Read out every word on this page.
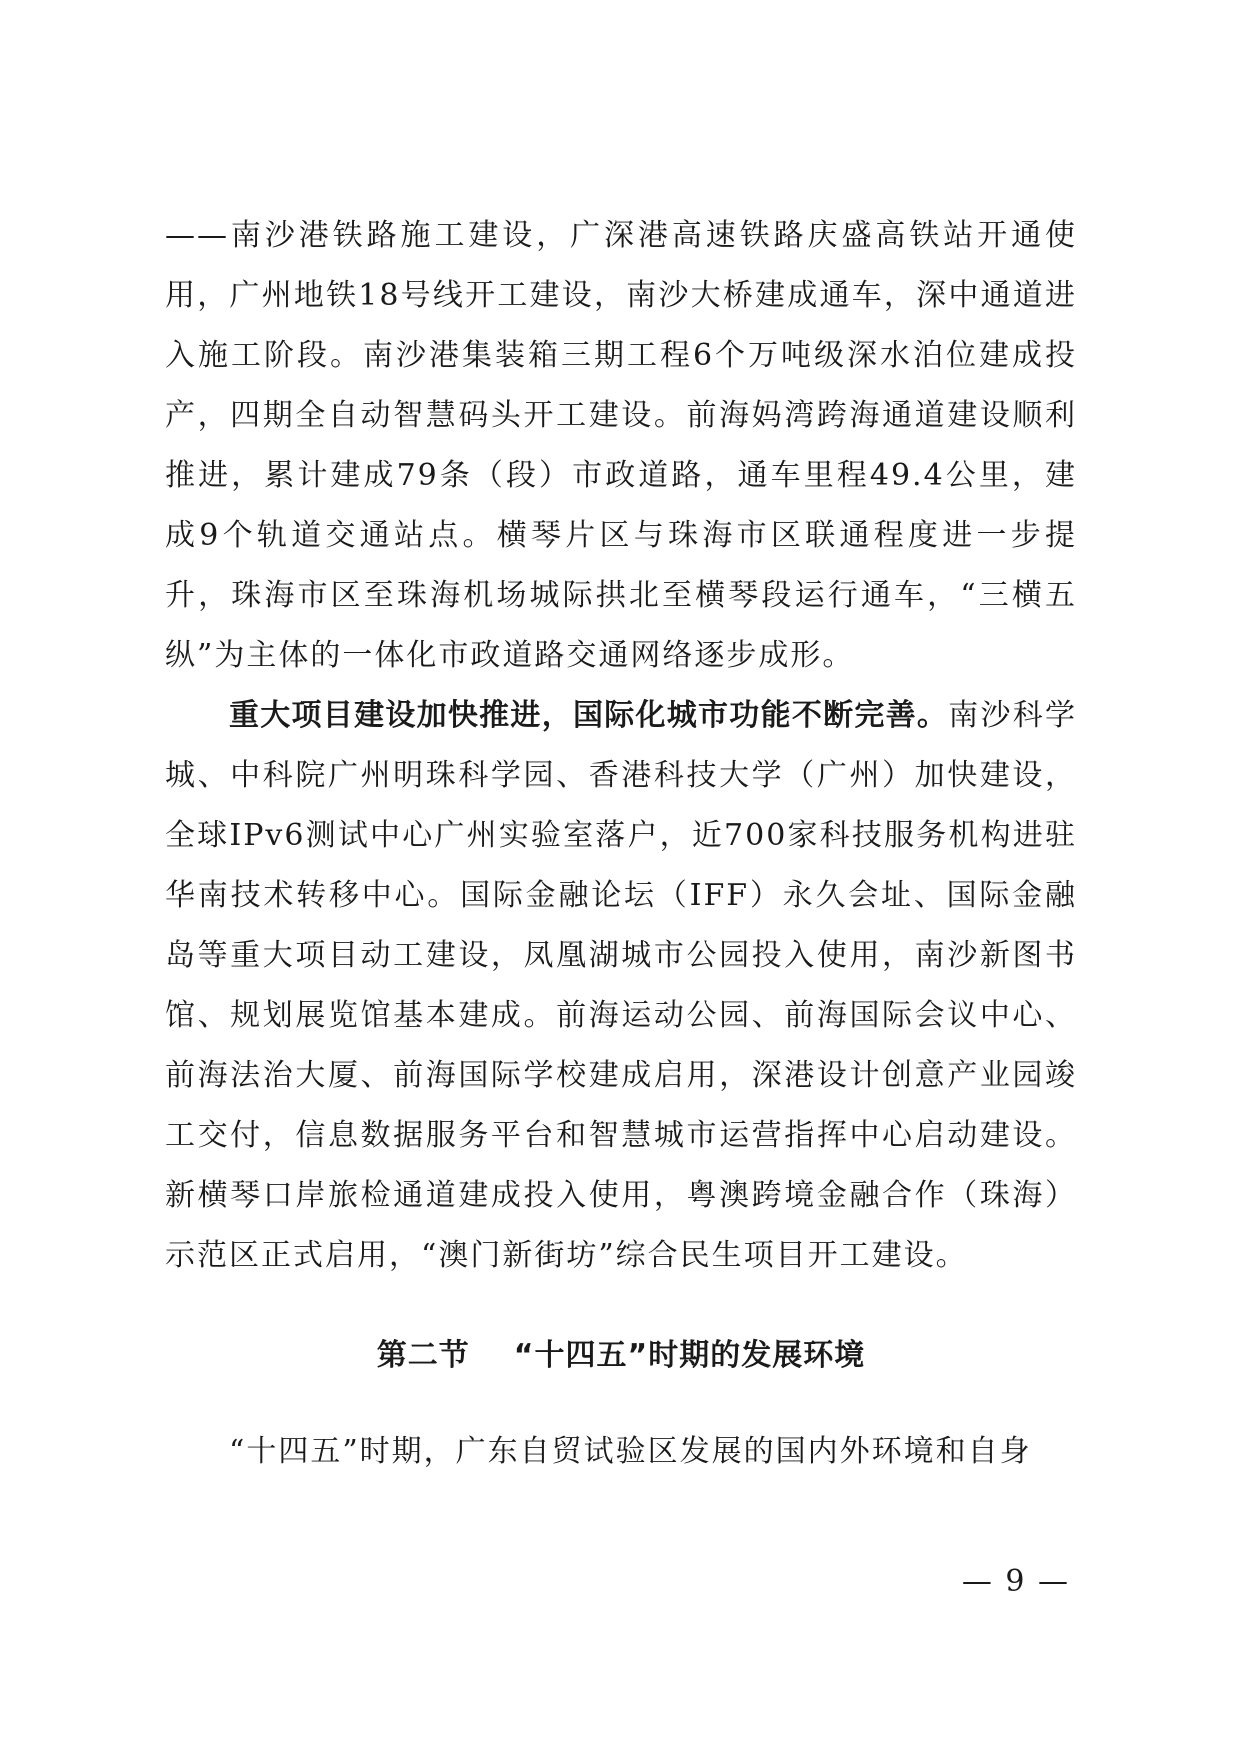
——南沙港铁路施工建设，广深港高速铁路庆盛高铁站开通使用，广州地铁18号线开工建设，南沙大桥建成通车，深中通道进入施工阶段。南沙港集装箱三期工程6个万吨级深水泊位建成投产，四期全自动智慧码头开工建设。前海妈湾跨海通道建设顺利推进，累计建成79条（段）市政道路，通车里程49.4公里，建成9个轨道交通站点。横琴片区与珠海市区联通程度进一步提升，珠海市区至珠海机场城际拱北至横琴段运行通车，“三横五纵”为主体的一体化市政道路交通网络逐步成形。

重大项目建设加快推进，国际化城市功能不断完善。南沙科学城、中科院广州明珠科学园、香港科技大学（广州）加快建设，全球IPv6测试中心广州实验室落户，近700家科技服务机构进驻华南技术转移中心。国际金融论坛（IFF）永久会址、国际金融岛等重大项目动工建设，凤凰湖城市公园投入使用，南沙新图书馆、规划展览馆基本建成。前海运动公园、前海国际会议中心、前海法治大厦、前海国际学校建成启用，深港设计创意产业园竣工交付，信息数据服务平台和智慧城市运营指挥中心启动建设。新横琴口岸旅检通道建成投入使用，粤澳跨境金融合作（珠海）示范区正式启用，“澳门新街坊”综合民生项目开工建设。

第二节 “十四五”时期的发展环境

“十四五”时期，广东自贸试验区发展的国内外环境和自身

— 9 —
